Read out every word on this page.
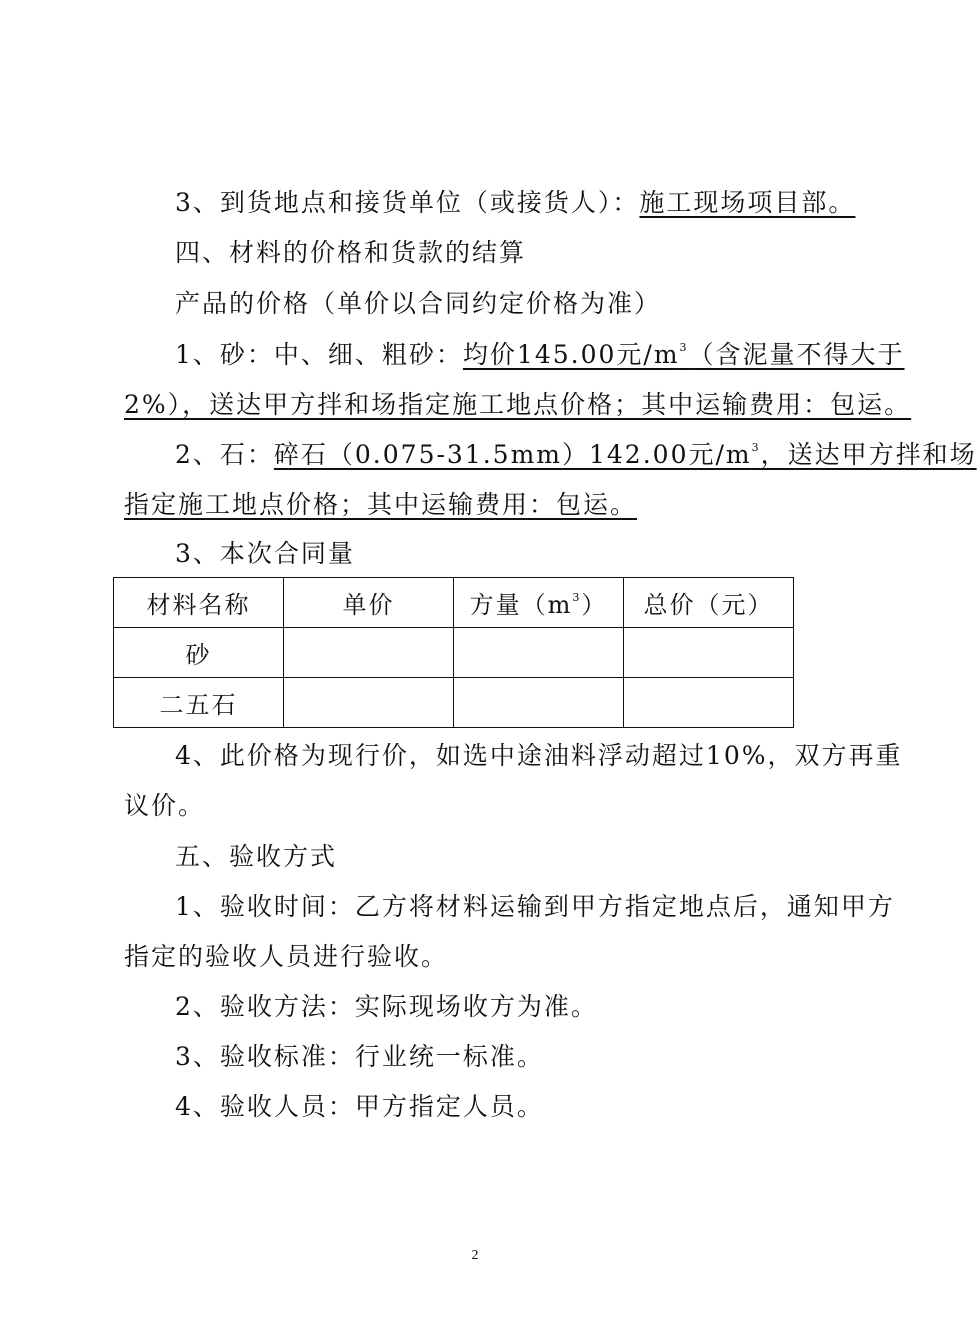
3、到货地点和接货单位（或接货人）：施工现场项目部。
四、材料的价格和货款的结算
产品的价格（单价以合同约定价格为准）
1、砂：中、细、粗砂：均价145.00元$/m^3$（含泥量不得大于
2%），送达甲方拌和场指定施工地点价格；其中运输费用：包运。
2、石：碎石（0.075-31.5mm）142.00元$/m^3$，送达甲方拌和场
指定施工地点价格；其中运输费用：包运。
3、本次合同量
材料名称	单价	方量$(m^3)$	总价（元）
砂			
二五石			
4、此价格为现行价，如选中途油料浮动超过10%，双方再重
议价。
五、验收方式
1、验收时间：乙方将材料运输到甲方指定地点后，通知甲方
指定的验收人员进行验收。
2、验收方法：实际现场收方为准。
3、验收标准：行业统一标准。
4、验收人员：甲方指定人员。
2
